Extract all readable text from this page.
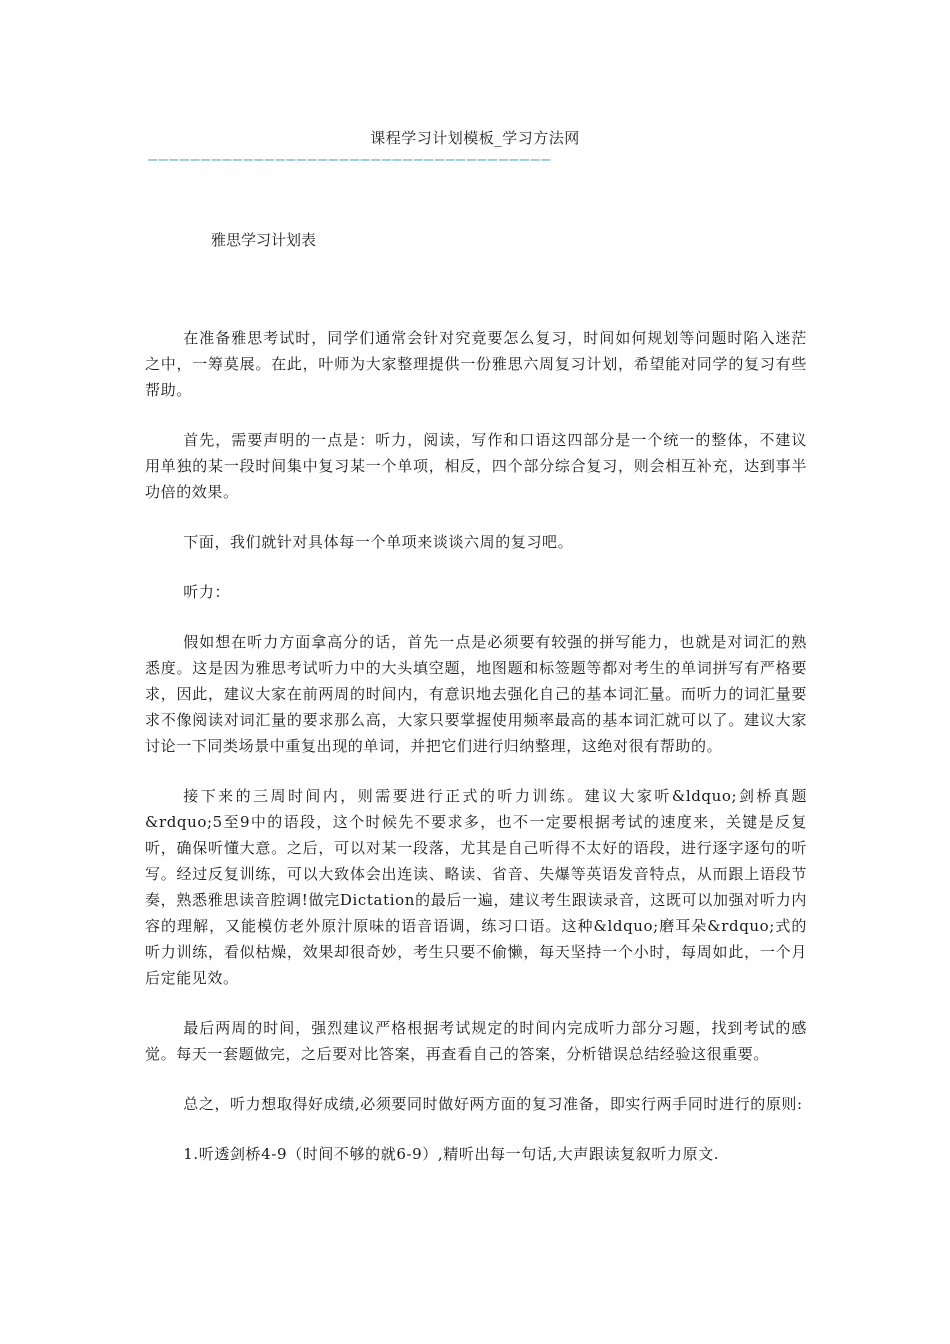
课程学习计划模板_学习方法网
——————————————————————————————————————
雅思学习计划表

在准备雅思考试时，同学们通常会针对究竟要怎么复习，时间如何规划等问题时陷入迷茫之中，一筹莫展。在此，叶师为大家整理提供一份雅思六周复习计划，希望能对同学的复习有些帮助。

首先，需要声明的一点是：听力，阅读，写作和口语这四部分是一个统一的整体，不建议用单独的某一段时间集中复习某一个单项，相反，四个部分综合复习，则会相互补充，达到事半功倍的效果。

下面，我们就针对具体每一个单项来谈谈六周的复习吧。

听力：

假如想在听力方面拿高分的话，首先一点是必须要有较强的拼写能力，也就是对词汇的熟悉度。这是因为雅思考试听力中的大头填空题，地图题和标签题等都对考生的单词拼写有严格要求，因此，建议大家在前两周的时间内，有意识地去强化自己的基本词汇量。而听力的词汇量要求不像阅读对词汇量的要求那么高，大家只要掌握使用频率最高的基本词汇就可以了。建议大家讨论一下同类场景中重复出现的单词，并把它们进行归纳整理，这绝对很有帮助的。

接下来的三周时间内，则需要进行正式的听力训练。建议大家听&ldquo;剑桥真题&rdquo;5至9中的语段，这个时候先不要求多，也不一定要根据考试的速度来，关键是反复听，确保听懂大意。之后，可以对某一段落，尤其是自己听得不太好的语段，进行逐字逐句的听写。经过反复训练，可以大致体会出连读、略读、省音、失爆等英语发音特点，从而跟上语段节奏，熟悉雅思读音腔调!做完Dictation的最后一遍，建议考生跟读录音，这既可以加强对听力内容的理解，又能模仿老外原汁原味的语音语调，练习口语。这种&ldquo;磨耳朵&rdquo;式的听力训练，看似枯燥，效果却很奇妙，考生只要不偷懒，每天坚持一个小时，每周如此，一个月后定能见效。

最后两周的时间，强烈建议严格根据考试规定的时间内完成听力部分习题，找到考试的感觉。每天一套题做完，之后要对比答案，再查看自己的答案，分析错误总结经验这很重要。

总之，听力想取得好成绩,必须要同时做好两方面的复习准备，即实行两手同时进行的原则:

1.听透剑桥4-9（时间不够的就6-9）,精听出每一句话,大声跟读复叙听力原文.
